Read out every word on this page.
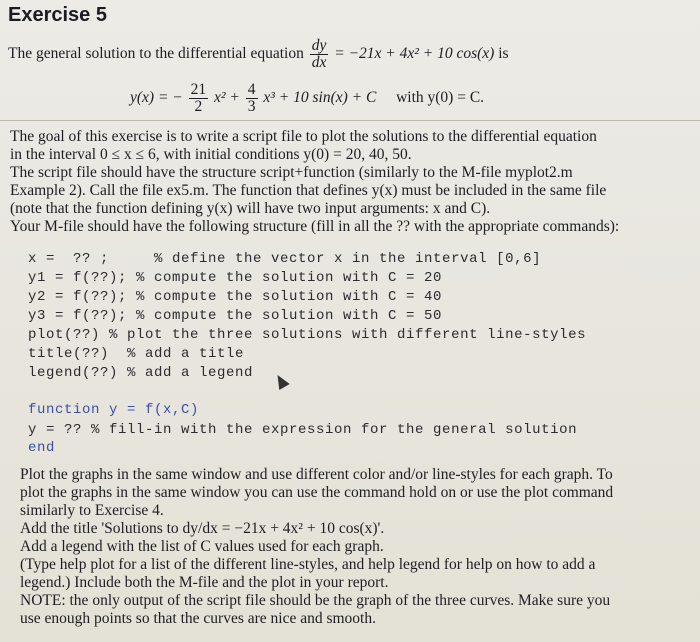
Exercise 5
The general solution to the differential equation $\frac{dy}{dx} = -21x + 4x^2 + 10$ cos(x) is
y(x) = − $\frac{21}{2} x^2 + \frac{4}{3} x^3 + 10$ sin(x) + C with y(0) = C.
The goal of this exercise is to write a script file to plot the solutions to the differential equation
in the interval 0 ≤ x ≤ 6, with initial conditions y(0) = 20, 40, 50.
The script file should have the structure script+function (similarly to the M-file myplot2.m
Example 2). Call the file ex5.m. The function that defines y(x) must be included in the same file
(note that the function defining y(x) will have two input arguments: x and C).
Your M-file should have the following structure (fill in all the ?? with the appropriate commands):
x =  ?? ;     % define the vector x in the interval [0,6]
y1 = f(??); % compute the solution with C = 20
y2 = f(??); % compute the solution with C = 40
y3 = f(??); % compute the solution with C = 50
plot(??) % plot the three solutions with different line-styles
title(??)  % add a title
legend(??) % add a legend
function y = f(x,C)
y = ?? % fill-in with the expression for the general solution
end
Plot the graphs in the same window and use different color and/or line-styles for each graph. To
plot the graphs in the same window you can use the command hold on or use the plot command
similarly to Exercise 4.
Add the title 'Solutions to dy/dx = −21x + 4x² + 10 cos(x)'.
Add a legend with the list of C values used for each graph.
(Type help plot for a list of the different line-styles, and help legend for help on how to add a
legend.) Include both the M-file and the plot in your report.
NOTE: the only output of the script file should be the graph of the three curves. Make sure you
use enough points so that the curves are nice and smooth.
